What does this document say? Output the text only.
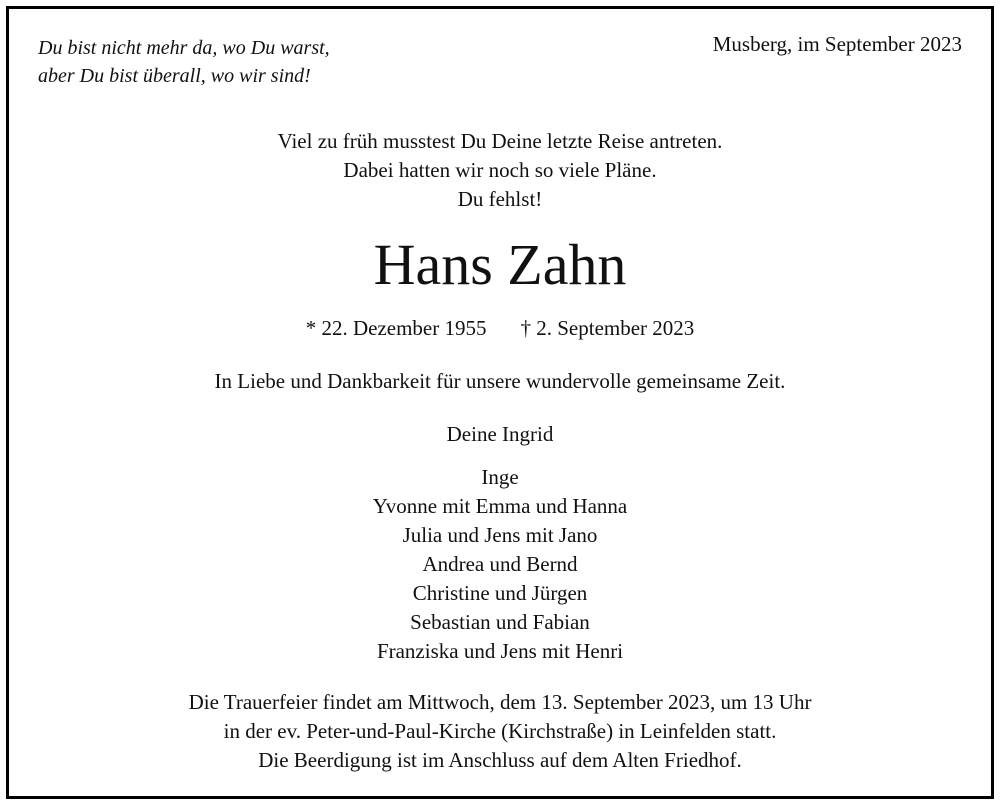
Du bist nicht mehr da, wo Du warst,
aber Du bist überall, wo wir sind!
Musberg, im September 2023
Viel zu früh musstest Du Deine letzte Reise antreten.
Dabei hatten wir noch so viele Pläne.
Du fehlst!
Hans Zahn
* 22. Dezember 1955 † 2. September 2023
In Liebe und Dankbarkeit für unsere wundervolle gemeinsame Zeit.
Deine Ingrid
Inge
Yvonne mit Emma und Hanna
Julia und Jens mit Jano
Andrea und Bernd
Christine und Jürgen
Sebastian und Fabian
Franziska und Jens mit Henri
Die Trauerfeier findet am Mittwoch, dem 13. September 2023, um 13 Uhr
in der ev. Peter-und-Paul-Kirche (Kirchstraße) in Leinfelden statt.
Die Beerdigung ist im Anschluss auf dem Alten Friedhof.
